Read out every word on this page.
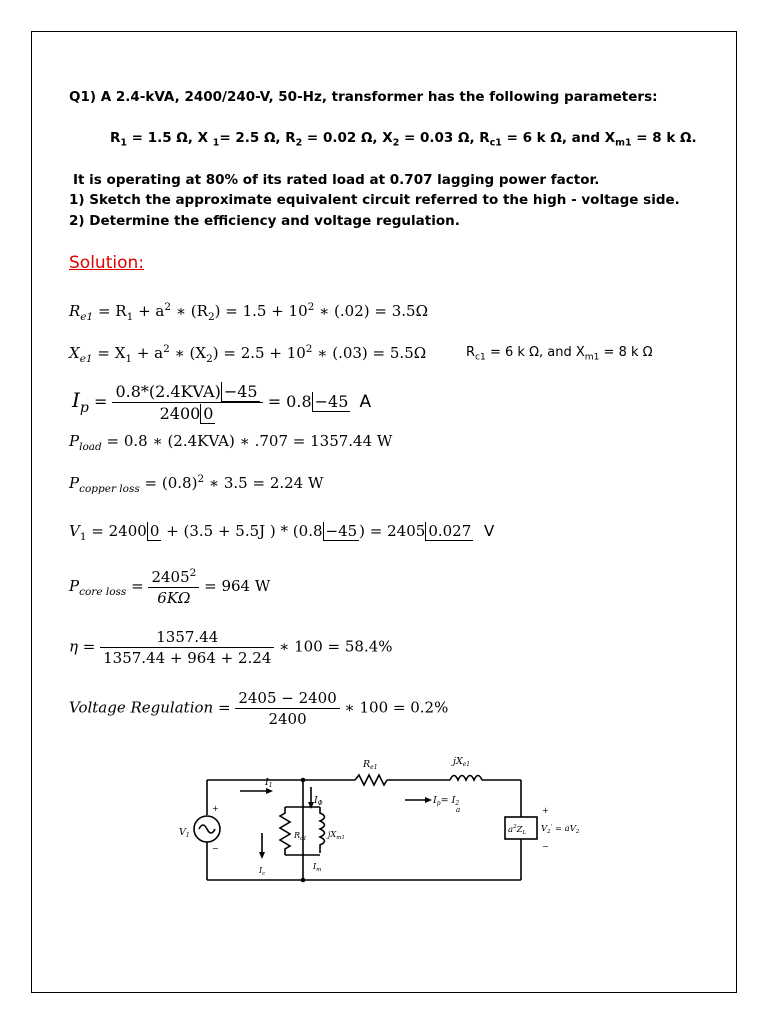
Q1) A 2.4-kVA, 2400/240-V, 50-Hz, transformer has the following parameters:
$R_1 = 1.5$ Ω, X $_1$= 2.5 Ω, $R_2 = 0.02$ Ω, $X_2 = 0.03$ Ω, $R_{c1} = 6$ k Ω, and $X_{m1} = 8$ k Ω.
It is operating at 80% of its rated load at 0.707 lagging power factor.
1) Sketch the approximate equivalent circuit referred to the high - voltage side.
2) Determine the efficiency and voltage regulation.
Solution:
$R_{e1} = R_1 + a^2$ ∗ $(R_2) = 1.5 + 10^2$ ∗ (.02) = 3.5Ω
$X_{e1} = X_1 + a^2$ ∗ $(X_2) = 2.5 + 10^2$ ∗ (.03) = 5.5Ω	$R_{c1} = 6$ k Ω, and $X_{m1} = 8$ k Ω
$I_p = \frac{\text{0.8*(2.4KVA) −45}}{2400 0} = 0.8 -45$ A
$P_{load} = 0.8$ ∗ (2.4KVA) ∗ .707 = 1357.44 W
$P_{copper loss} = (0.8)^2$ ∗ 3.5 = 2.24 W
$V_1 = 2400$ 0 + (3.5 + 5.5J ) * (0.8 −45 ) = 2405 0.027 V
$P_{core loss} = \frac{2405^2}{6K\Omega} = 964$ W
$\eta = \frac{1357.44}{1357.44 + 964 + 2.24}$ ∗ 100 = 58.4%
Voltage Regulation = $\frac{2405 - 2400}{2400}$ ∗ 100 = 0.2%
$R_{e1}$
$jX_{e1}$
$I_1$
$I_\Phi$	$I_p= I_2$
a
$R_{c1}$	$jX_{m1}$
$I_c$
$I_m$
$V_1$
$a^2Z_L$ $V_2' = aV_2$
+
−
+
−
